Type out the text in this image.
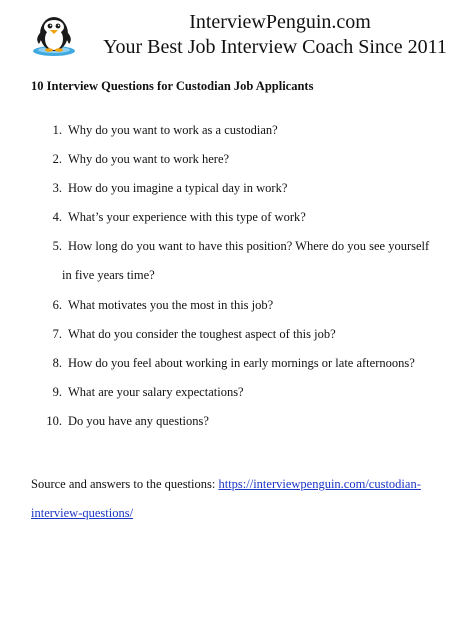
InterviewPenguin.com
Your Best Job Interview Coach Since 2011
10 Interview Questions for Custodian Job Applicants
1. Why do you want to work as a custodian?
2. Why do you want to work here?
3. How do you imagine a typical day in work?
4. What’s your experience with this type of work?
5. How long do you want to have this position? Where do you see yourself
in five years time?
6. What motivates you the most in this job?
7. What do you consider the toughest aspect of this job?
8. How do you feel about working in early mornings or late afternoons?
9. What are your salary expectations?
10. Do you have any questions?
Source and answers to the questions: https://interviewpenguin.com/custodian-
interview-questions/
